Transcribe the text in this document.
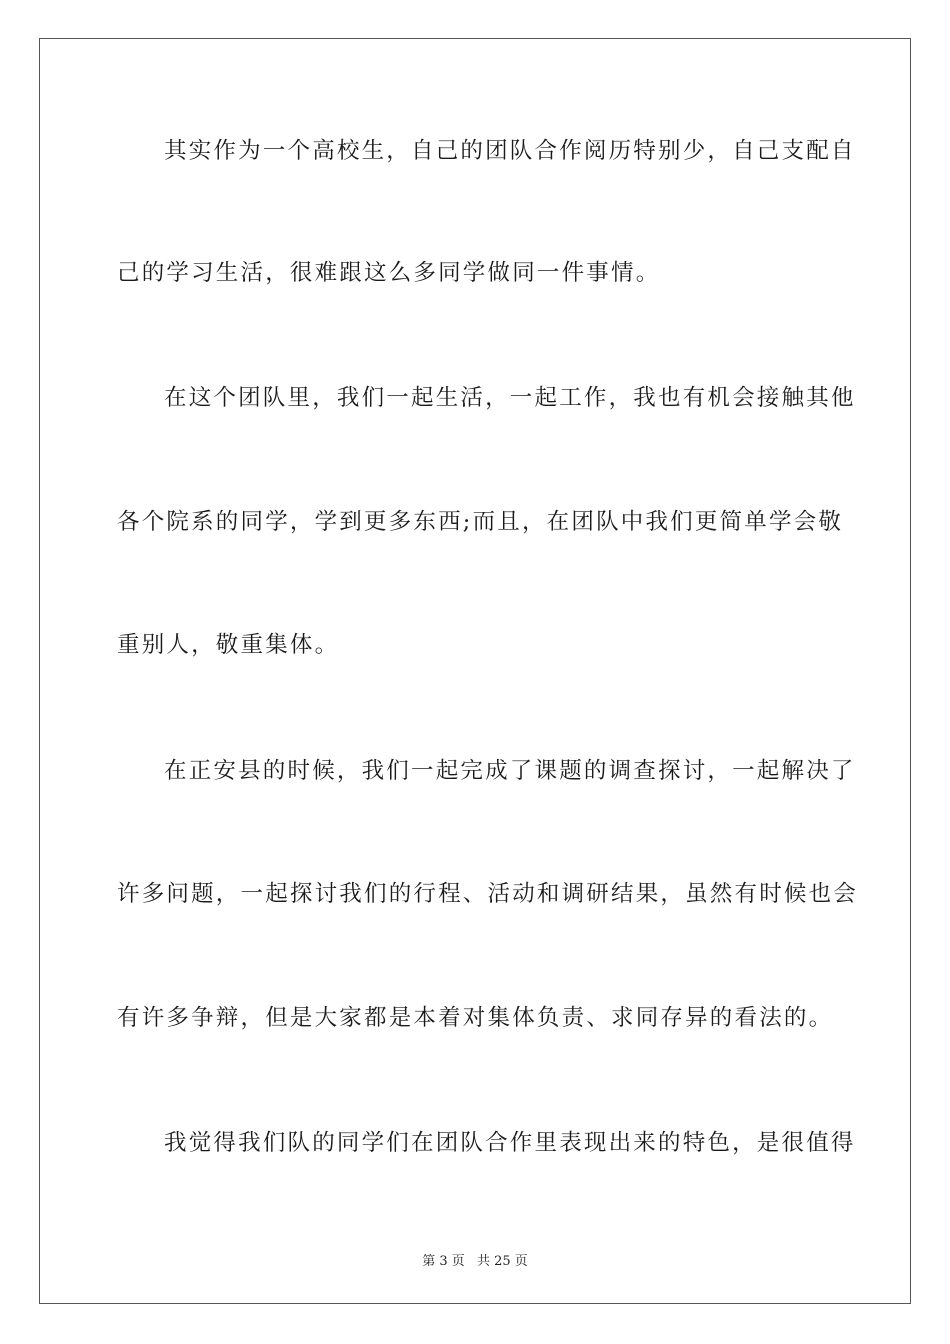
其实作为一个高校生，自己的团队合作阅历特别少，自己支配自
己的学习生活，很难跟这么多同学做同一件事情。
在这个团队里，我们一起生活，一起工作，我也有机会接触其他
各个院系的同学，学到更多东西;而且，在团队中我们更简单学会敬
重别人，敬重集体。
在正安县的时候，我们一起完成了课题的调查探讨，一起解决了
许多问题，一起探讨我们的行程、活动和调研结果，虽然有时候也会
有许多争辩，但是大家都是本着对集体负责、求同存异的看法的。
我觉得我们队的同学们在团队合作里表现出来的特色，是很值得
第 3 页 共 25 页
